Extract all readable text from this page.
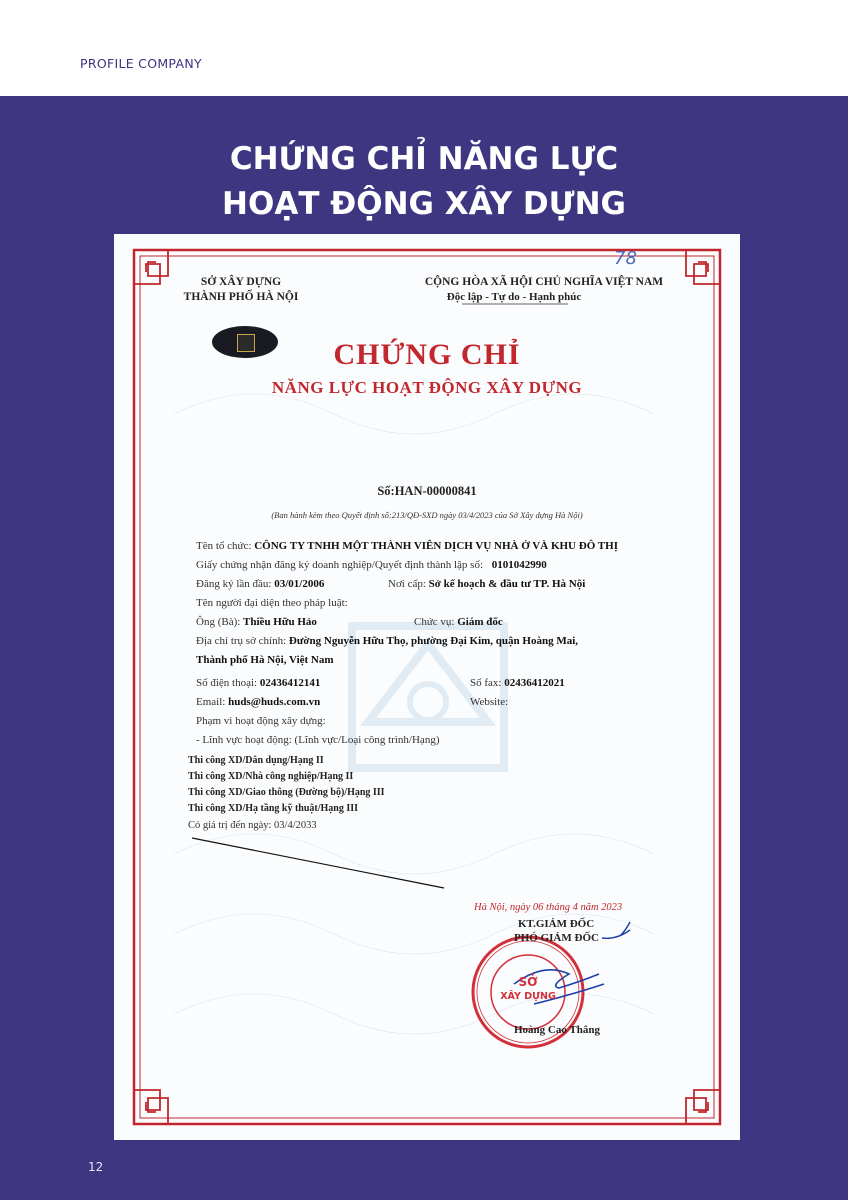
PROFILE COMPANY
CHỨNG CHỈ NĂNG LỰC
HOẠT ĐỘNG XÂY DỰNG
SỞ XÂY DỰNG
THÀNH PHỐ HÀ NỘI
CỘNG HÒA XÃ HỘI CHỦ NGHĨA VIỆT NAM
Độc lập - Tự do - Hạnh phúc
78
CHỨNG CHỈ
NĂNG LỰC HOẠT ĐỘNG XÂY DỰNG
Số:HAN-00000841
(Ban hành kèm theo Quyết định số:213/QĐ-SXD ngày 03/4/2023 của Sở Xây dựng Hà Nội)
Tên tổ chức: CÔNG TY TNHH MỘT THÀNH VIÊN DỊCH VỤ NHÀ Ở VÀ KHU ĐÔ THỊ
Giấy chứng nhận đăng ký doanh nghiệp/Quyết định thành lập số: 0101042990
Đăng ký lần đầu: 03/01/2006	Nơi cấp: Sở kế hoạch & đầu tư TP. Hà Nội
Tên người đại diện theo pháp luật:
Ông (Bà): Thiều Hữu Hảo	Chức vụ: Giám đốc
Địa chỉ trụ sở chính: Đường Nguyễn Hữu Thọ, phường Đại Kim, quận Hoàng Mai,
Thành phố Hà Nội, Việt Nam
Số điện thoại: 02436412141	Số fax: 02436412021
Email: huds@huds.com.vn	Website:
Phạm vi hoạt động xây dựng:
- Lĩnh vực hoạt động: (Lĩnh vực/Loại công trình/Hạng)
Thi công XD/Dân dụng/Hạng II
Thi công XD/Nhà công nghiệp/Hạng II
Thi công XD/Giao thông (Đường bộ)/Hạng III
Thi công XD/Hạ tầng kỹ thuật/Hạng III
Có giá trị đến ngày: 03/4/2033
Hà Nội, ngày 06 tháng 4 năm 2023
KT.GIÁM ĐỐC
PHÓ GIÁM ĐỐC
SỞ
XÂY DỰNG
Hoàng Cao Thắng
12
